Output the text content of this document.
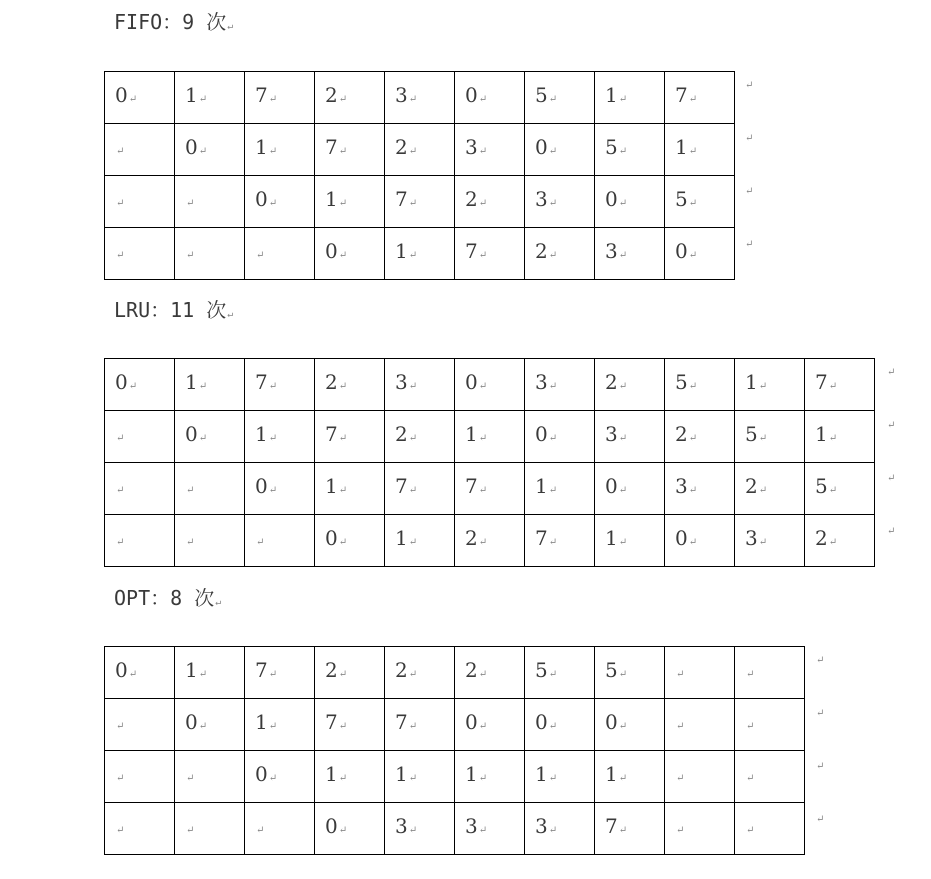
FIFO：9 次↵
0↵	1↵	7↵	2↵	3↵	0↵	5↵	1↵	7↵
↵	0↵	1↵	7↵	2↵	3↵	0↵	5↵	1↵
↵	↵	0↵	1↵	7↵	2↵	3↵	0↵	5↵
↵	↵	↵	0↵	1↵	7↵	2↵	3↵	0↵
LRU：11 次↵
0↵	1↵	7↵	2↵	3↵	0↵	3↵	2↵	5↵	1↵	7↵
↵	0↵	1↵	7↵	2↵	1↵	0↵	3↵	2↵	5↵	1↵
↵	↵	0↵	1↵	7↵	7↵	1↵	0↵	3↵	2↵	5↵
↵	↵	↵	0↵	1↵	2↵	7↵	1↵	0↵	3↵	2↵
OPT：8 次↵
0↵	1↵	7↵	2↵	2↵	2↵	5↵	5↵	↵	↵
↵	0↵	1↵	7↵	7↵	0↵	0↵	0↵	↵	↵
↵	↵	0↵	1↵	1↵	1↵	1↵	1↵	↵	↵
↵	↵	↵	0↵	3↵	3↵	3↵	7↵	↵	↵
↵
↵
↵
↵
↵
↵
↵
↵
↵
↵
↵
↵
